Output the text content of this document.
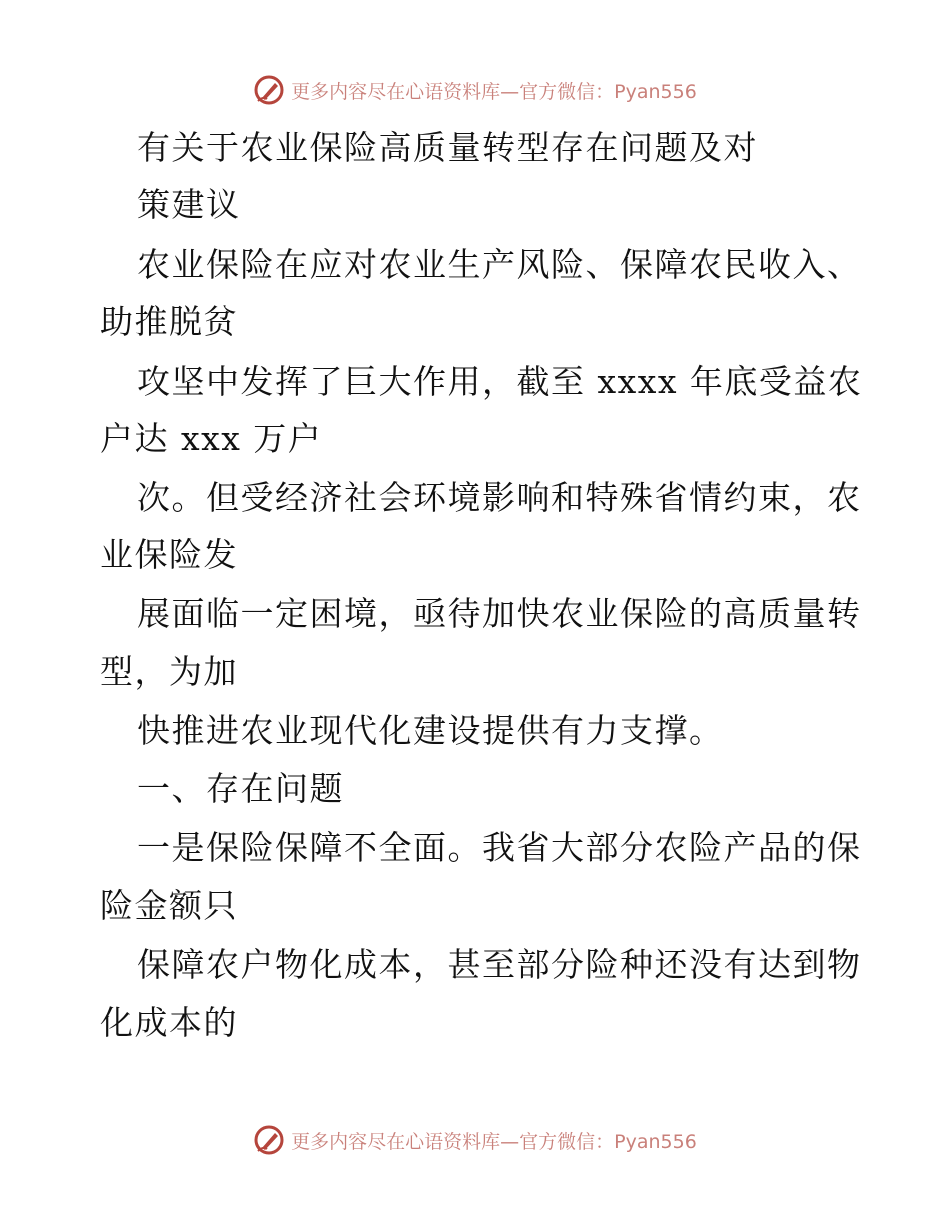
更多内容尽在心语资料库—官方微信：Pyan556
有关于农业保险高质量转型存在问题及对
策建议
农业保险在应对农业生产风险、保障农民收入、
助推脱贫
攻坚中发挥了巨大作用，截至 xxxx 年底受益农
户达 xxx 万户
次。但受经济社会环境影响和特殊省情约束，农
业保险发
展面临一定困境，亟待加快农业保险的高质量转
型，为加
快推进农业现代化建设提供有力支撑。
一、存在问题
一是保险保障不全面。我省大部分农险产品的保
险金额只
保障农户物化成本，甚至部分险种还没有达到物
化成本的
更多内容尽在心语资料库—官方微信：Pyan556
